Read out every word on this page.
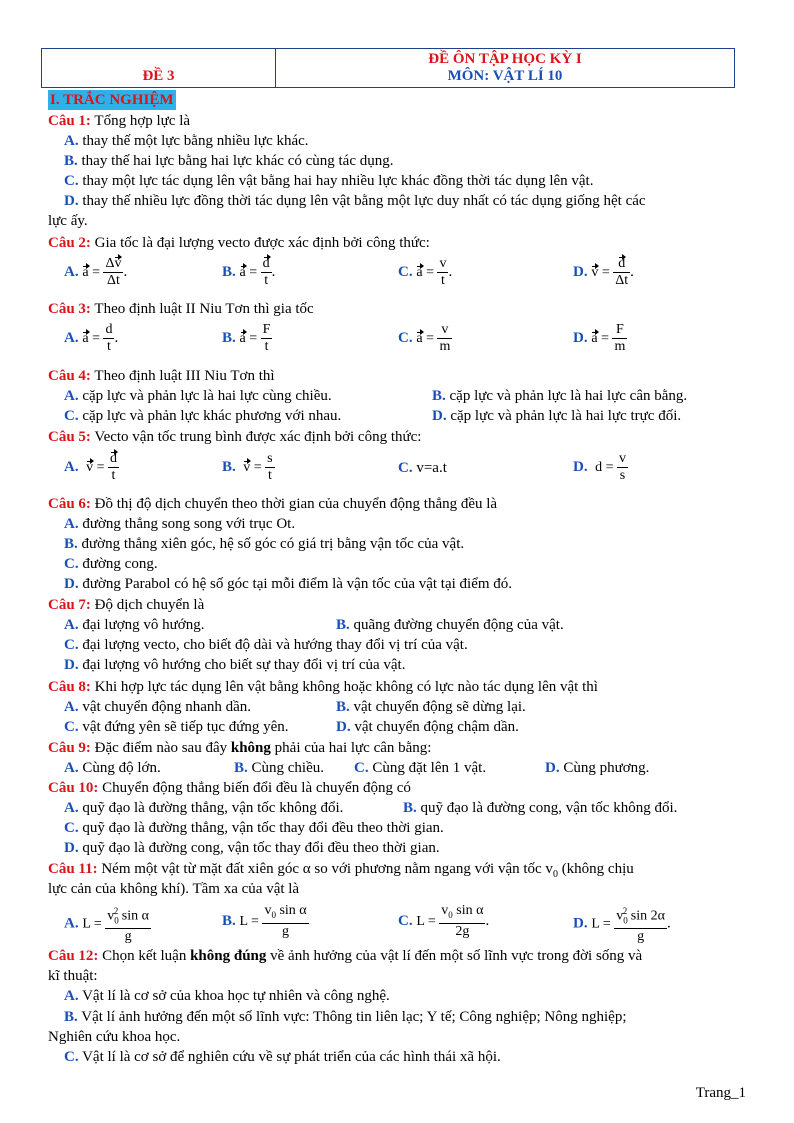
ĐỀ 3
ĐỀ ÔN TẬP HỌC KỲ I
MÔN: VẬT LÍ 10
I. TRẮC NGHIỆM
Câu 1: Tổng hợp lực là
A. thay thế một lực bằng nhiều lực khác.
B. thay thế hai lực bằng hai lực khác có cùng tác dụng.
C. thay một lực tác dụng lên vật bằng hai hay nhiều lực khác đồng thời tác dụng lên vật.
D. thay thế nhiều lực đồng thời tác dụng lên vật bằng một lực duy nhất có tác dụng giống hệt các
lực ấy.
Câu 2: Gia tốc là đại lượng vecto được xác định bởi công thức:
A. $a = \frac{\Delta v}{\Delta t}$ .	B. $a = \frac{d}{t}$ .	C. $a = \frac{v}{t}$ .	D. $v = \frac{d}{\Delta t}$ .
Câu 3: Theo định luật II Niu Tơn thì gia tốc
A. $a = \frac{d}{t}$ .	B. $a = \frac{F}{t}$	C. $a = \frac{v}{m}$	D. $a = \frac{F}{m}$
Câu 4: Theo định luật III Niu Tơn thì
A. cặp lực và phản lực là hai lực cùng chiều.	B. cặp lực và phản lực là hai lực cân bằng.
C. cặp lực và phản lực khác phương với nhau.	D. cặp lực và phản lực là hai lực trực đối.
Câu 5: Vecto vận tốc trung bình được xác định bởi công thức:
A. $v = \frac{d}{t}$	B. $v = \frac{s}{t}$	C. v=a.t	D. $d = \frac{v}{s}$
Câu 6: Đồ thị độ dịch chuyển theo thời gian của chuyển động thẳng đều là
A. đường thẳng song song với trục Ot.
B. đường thẳng xiên góc, hệ số góc có giá trị bằng vận tốc của vật.
C. đường cong.
D. đường Parabol có hệ số góc tại mỗi điểm là vận tốc của vật tại điểm đó.
Câu 7: Độ dịch chuyển là
A. đại lượng vô hướng.	B. quãng đường chuyển động của vật.
C. đại lượng vecto, cho biết độ dài và hướng thay đổi vị trí của vật.
D. đại lượng vô hướng cho biết sự thay đổi vị trí của vật.
Câu 8: Khi hợp lực tác dụng lên vật bằng không hoặc không có lực nào tác dụng lên vật thì
A. vật chuyển động nhanh dần.	B. vật chuyển động sẽ dừng lại.
C. vật đứng yên sẽ tiếp tục đứng yên.	D. vật chuyển động chậm dần.
Câu 9: Đặc điểm nào sau đây không phải của hai lực cân bằng:
A. Cùng độ lớn.	B. Cùng chiều. C. Cùng đặt lên 1 vật.	D. Cùng phương.
Câu 10: Chuyển động thẳng biến đổi đều là chuyển động có
A. quỹ đạo là đường thẳng, vận tốc không đổi.	B. quỹ đạo là đường cong, vận tốc không đổi.
C. quỹ đạo là đường thẳng, vận tốc thay đổi đều theo thời gian.
D. quỹ đạo là đường cong, vận tốc thay đổi đều theo thời gian.
Câu 11: Ném một vật từ mặt đất xiên góc α so với phương nằm ngang với vận tốc $v_0$ (không chịu
lực cản của không khí). Tầm xa của vật là
A. $L = \frac{v_0^2 \sin \alpha}{g}$	B. $L = \frac{v_0 \sin \alpha}{g}$	C. $L = \frac{v_0 \sin \alpha}{2g}$ .	D. $L = \frac{v_0^2 \sin 2\alpha}{g}$ .
Câu 12: Chọn kết luận không đúng về ảnh hưởng của vật lí đến một số lĩnh vực trong đời sống và
kĩ thuật:
A. Vật lí là cơ sở của khoa học tự nhiên và công nghệ.
B. Vật lí ảnh hưởng đến một số lĩnh vực: Thông tin liên lạc; Y tế; Công nghiệp; Nông nghiệp;
Nghiên cứu khoa học.
C. Vật lí là cơ sở để nghiên cứu về sự phát triển của các hình thái xã hội.
Trang_1
